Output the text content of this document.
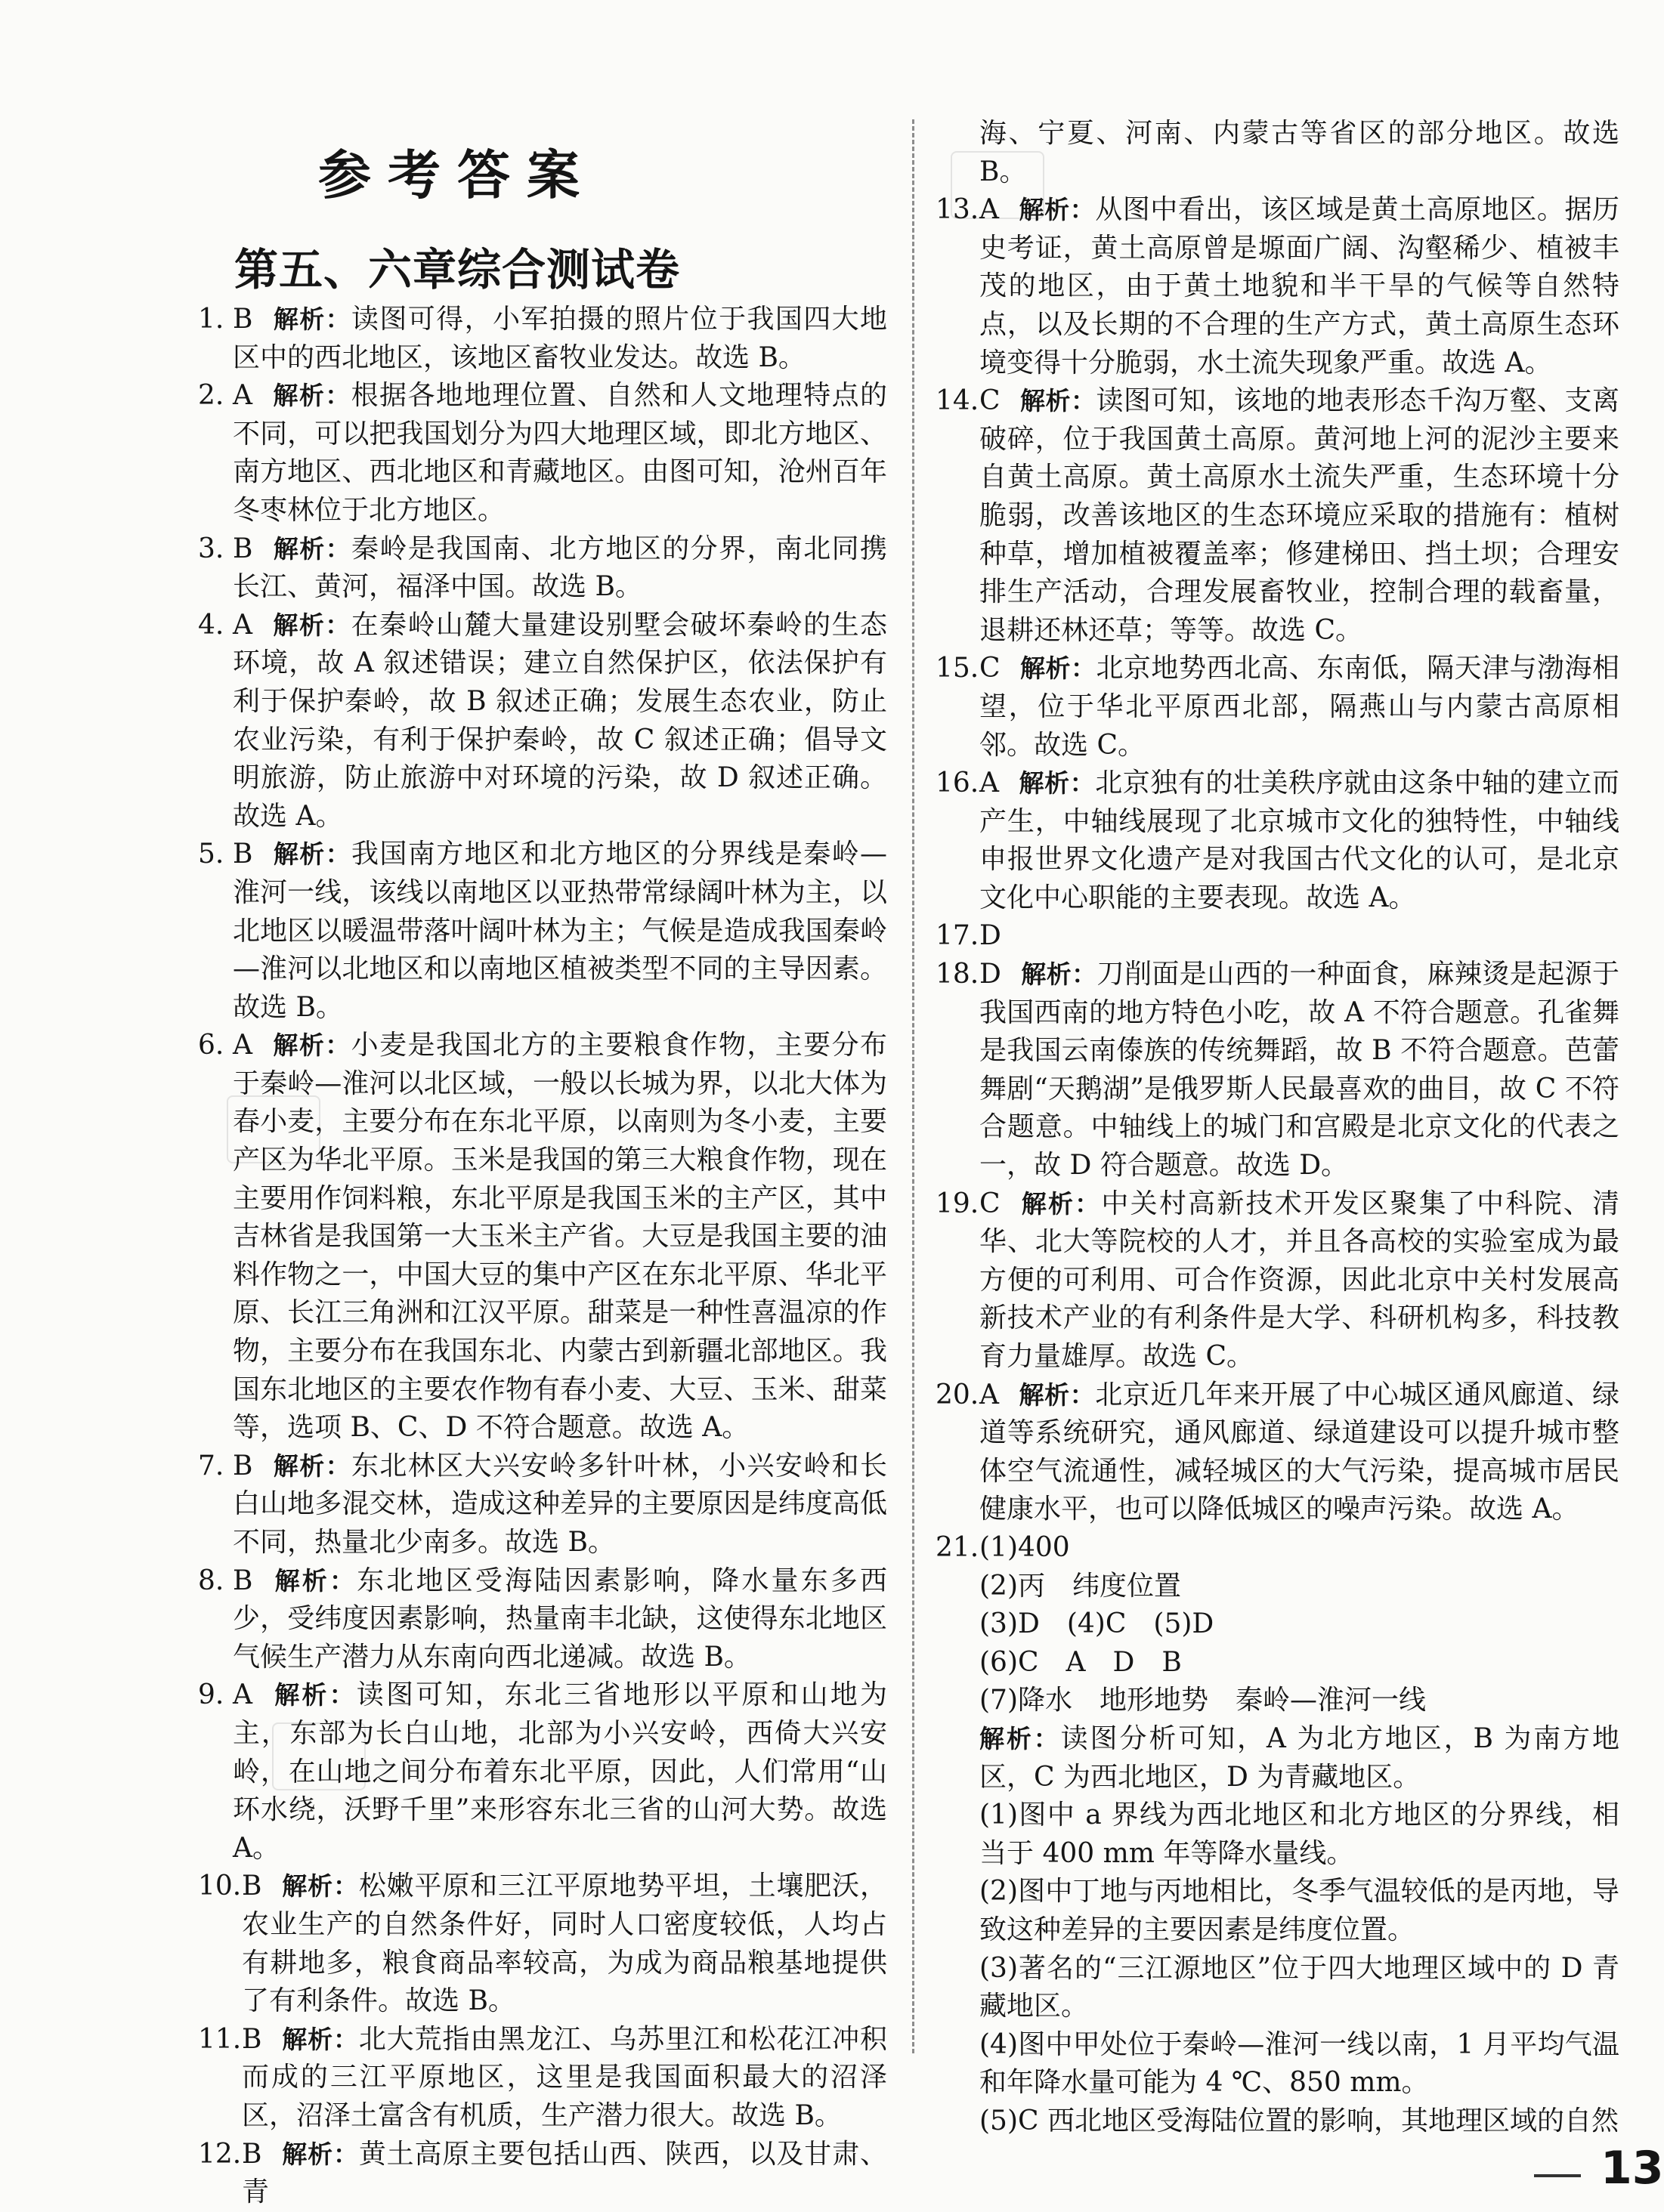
参考答案
第五、六章综合测试卷
1. B 解析：读图可得，小军拍摄的照片位于我国四大地区中的西北地区，该地区畜牧业发达。故选 B。
2. A 解析：根据各地地理位置、自然和人文地理特点的不同，可以把我国划分为四大地理区域，即北方地区、南方地区、西北地区和青藏地区。由图可知，沧州百年冬枣林位于北方地区。
3. B 解析：秦岭是我国南、北方地区的分界，南北同携长江、黄河，福泽中国。故选 B。
4. A 解析：在秦岭山麓大量建设别墅会破坏秦岭的生态环境，故 A 叙述错误；建立自然保护区，依法保护有利于保护秦岭，故 B 叙述正确；发展生态农业，防止农业污染，有利于保护秦岭，故 C 叙述正确；倡导文明旅游，防止旅游中对环境的污染，故 D 叙述正确。故选 A。
5. B 解析：我国南方地区和北方地区的分界线是秦岭—淮河一线，该线以南地区以亚热带常绿阔叶林为主，以北地区以暖温带落叶阔叶林为主；气候是造成我国秦岭—淮河以北地区和以南地区植被类型不同的主导因素。故选 B。
6. A 解析：小麦是我国北方的主要粮食作物，主要分布于秦岭—淮河以北区域，一般以长城为界，以北大体为春小麦，主要分布在东北平原，以南则为冬小麦，主要产区为华北平原。玉米是我国的第三大粮食作物，现在主要用作饲料粮，东北平原是我国玉米的主产区，其中吉林省是我国第一大玉米主产省。大豆是我国主要的油料作物之一，中国大豆的集中产区在东北平原、华北平原、长江三角洲和江汉平原。甜菜是一种性喜温凉的作物，主要分布在我国东北、内蒙古到新疆北部地区。我国东北地区的主要农作物有春小麦、大豆、玉米、甜菜等，选项 B、C、D 不符合题意。故选 A。
7. B 解析：东北林区大兴安岭多针叶林，小兴安岭和长白山地多混交林，造成这种差异的主要原因是纬度高低不同，热量北少南多。故选 B。
8. B 解析：东北地区受海陆因素影响，降水量东多西少，受纬度因素影响，热量南丰北缺，这使得东北地区气候生产潜力从东南向西北递减。故选 B。
9. A 解析：读图可知，东北三省地形以平原和山地为主，东部为长白山地，北部为小兴安岭，西倚大兴安岭，在山地之间分布着东北平原，因此，人们常用“山环水绕，沃野千里”来形容东北三省的山河大势。故选 A。
10. B 解析：松嫩平原和三江平原地势平坦，土壤肥沃，农业生产的自然条件好，同时人口密度较低，人均占有耕地多，粮食商品率较高，为成为商品粮基地提供了有利条件。故选 B。
11. B 解析：北大荒指由黑龙江、乌苏里江和松花江冲积而成的三江平原地区，这里是我国面积最大的沼泽区，沼泽土富含有机质，生产潜力很大。故选 B。
12. B 解析：黄土高原主要包括山西、陕西，以及甘肃、青
海、宁夏、河南、内蒙古等省区的部分地区。故选 B。
13. A 解析：从图中看出，该区域是黄土高原地区。据历史考证，黄土高原曾是塬面广阔、沟壑稀少、植被丰茂的地区，由于黄土地貌和半干旱的气候等自然特点，以及长期的不合理的生产方式，黄土高原生态环境变得十分脆弱，水土流失现象严重。故选 A。
14. C 解析：读图可知，该地的地表形态千沟万壑、支离破碎，位于我国黄土高原。黄河地上河的泥沙主要来自黄土高原。黄土高原水土流失严重，生态环境十分脆弱，改善该地区的生态环境应采取的措施有：植树种草，增加植被覆盖率；修建梯田、挡土坝；合理安排生产活动，合理发展畜牧业，控制合理的载畜量，退耕还林还草；等等。故选 C。
15. C 解析：北京地势西北高、东南低，隔天津与渤海相望，位于华北平原西北部，隔燕山与内蒙古高原相邻。故选 C。
16. A 解析：北京独有的壮美秩序就由这条中轴的建立而产生，中轴线展现了北京城市文化的独特性，中轴线申报世界文化遗产是对我国古代文化的认可，是北京文化中心职能的主要表现。故选 A。
17. D
18. D 解析：刀削面是山西的一种面食，麻辣烫是起源于我国西南的地方特色小吃，故 A 不符合题意。孔雀舞是我国云南傣族的传统舞蹈，故 B 不符合题意。芭蕾舞剧“天鹅湖”是俄罗斯人民最喜欢的曲目，故 C 不符合题意。中轴线上的城门和宫殿是北京文化的代表之一，故 D 符合题意。故选 D。
19. C 解析：中关村高新技术开发区聚集了中科院、清华、北大等院校的人才，并且各高校的实验室成为最方便的可利用、可合作资源，因此北京中关村发展高新技术产业的有利条件是大学、科研机构多，科技教育力量雄厚。故选 C。
20. A 解析：北京近几年来开展了中心城区通风廊道、绿道等系统研究，通风廊道、绿道建设可以提升城市整体空气流通性，减轻城区的大气污染，提高城市居民健康水平，也可以降低城区的噪声污染。故选 A。
21. (1)400
(2)丙　纬度位置
(3)D　(4)C　(5)D
(6)C　A　D　B
(7)降水　地形地势　秦岭—淮河一线
解析：读图分析可知，A 为北方地区，B 为南方地区，C 为西北地区，D 为青藏地区。
(1)图中 a 界线为西北地区和北方地区的分界线，相当于 400 mm 年等降水量线。
(2)图中丁地与丙地相比，冬季气温较低的是丙地，导致这种差异的主要因素是纬度位置。
(3)著名的“三江源地区”位于四大地理区域中的 D 青藏地区。
(4)图中甲处位于秦岭—淮河一线以南，1 月平均气温和年降水量可能为 4 ℃、850 mm。
(5)C 西北地区受海陆位置的影响，其地理区域的自然
13
